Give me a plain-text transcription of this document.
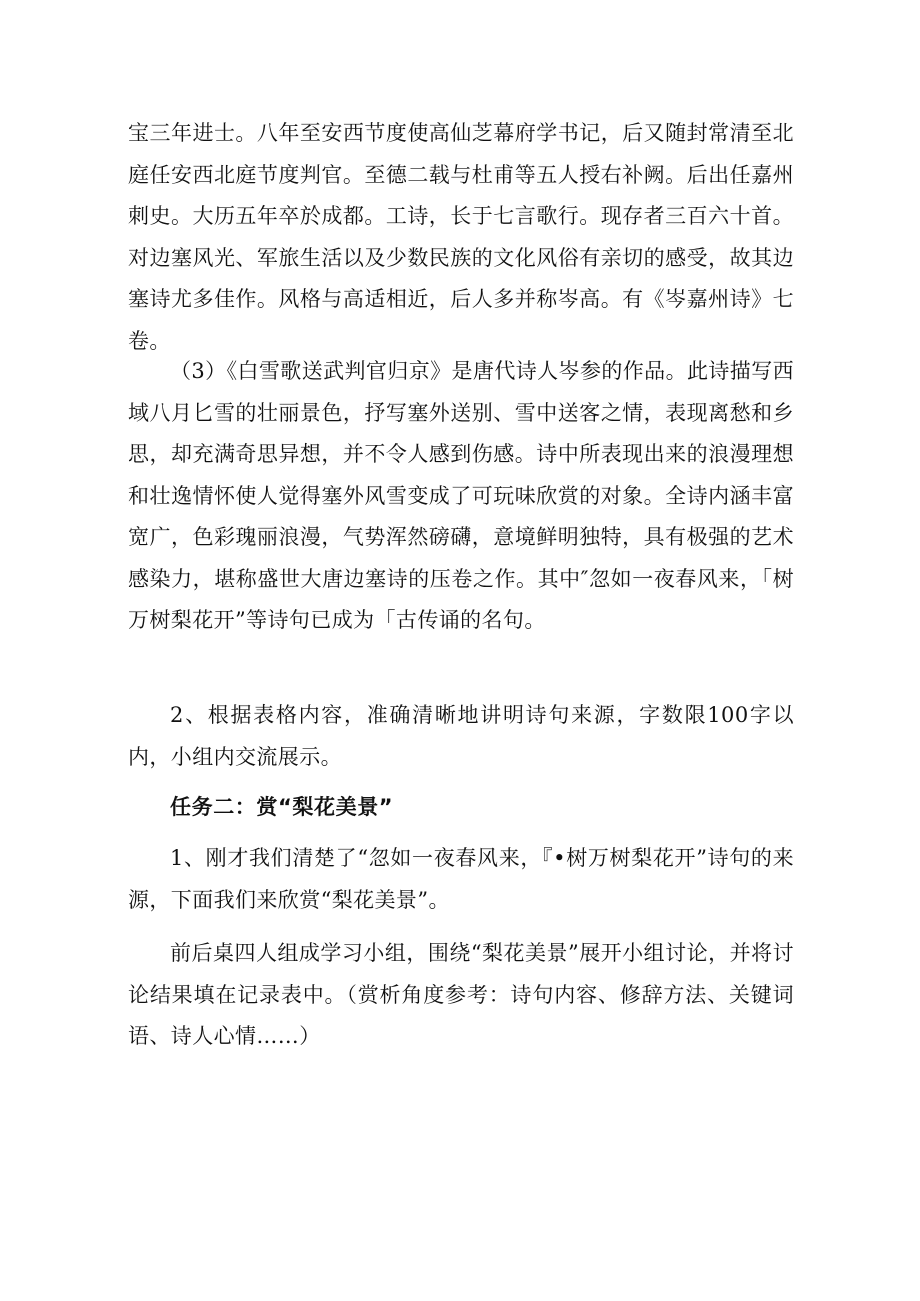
宝三年进士。八年至安西节度使高仙芝幕府学书记，后又随封常清至北庭任安西北庭节度判官。至德二载与杜甫等五人授右补阙。后出任嘉州刺史。大历五年卒於成都。工诗，长于七言歌行。现存者三百六十首。对边塞风光、军旅生活以及少数民族的文化风俗有亲切的感受，故其边塞诗尤多佳作。风格与高适相近，后人多并称岑高。有《岑嘉州诗》七卷。

（3）《白雪歌送武判官归京》是唐代诗人岑参的作品。此诗描写西域八月匕雪的壮丽景色，抒写塞外送别、雪中送客之情，表现离愁和乡思，却充满奇思异想，并不令人感到伤感。诗中所表现出来的浪漫理想和壮逸情怀使人觉得塞外风雪变成了可玩味欣赏的对象。全诗内涵丰富宽广，色彩瑰丽浪漫，气势浑然磅礴，意境鲜明独特，具有极强的艺术感染力，堪称盛世大唐边塞诗的压卷之作。其中″忽如一夜春风来，「树万树梨花开”等诗句已成为「古传诵的名句。

2、根据表格内容，准确清晰地讲明诗句来源，字数限100字以内，小组内交流展示。

任务二：赏“梨花美景”

1、刚才我们清楚了“忽如一夜春风来，『•树万树梨花开”诗句的来源，下面我们来欣赏“梨花美景”。

前后桌四人组成学习小组，围绕“梨花美景”展开小组讨论，并将讨论结果填在记录表中。（赏析角度参考：诗句内容、修辞方法、关键词语、诗人心情……）
